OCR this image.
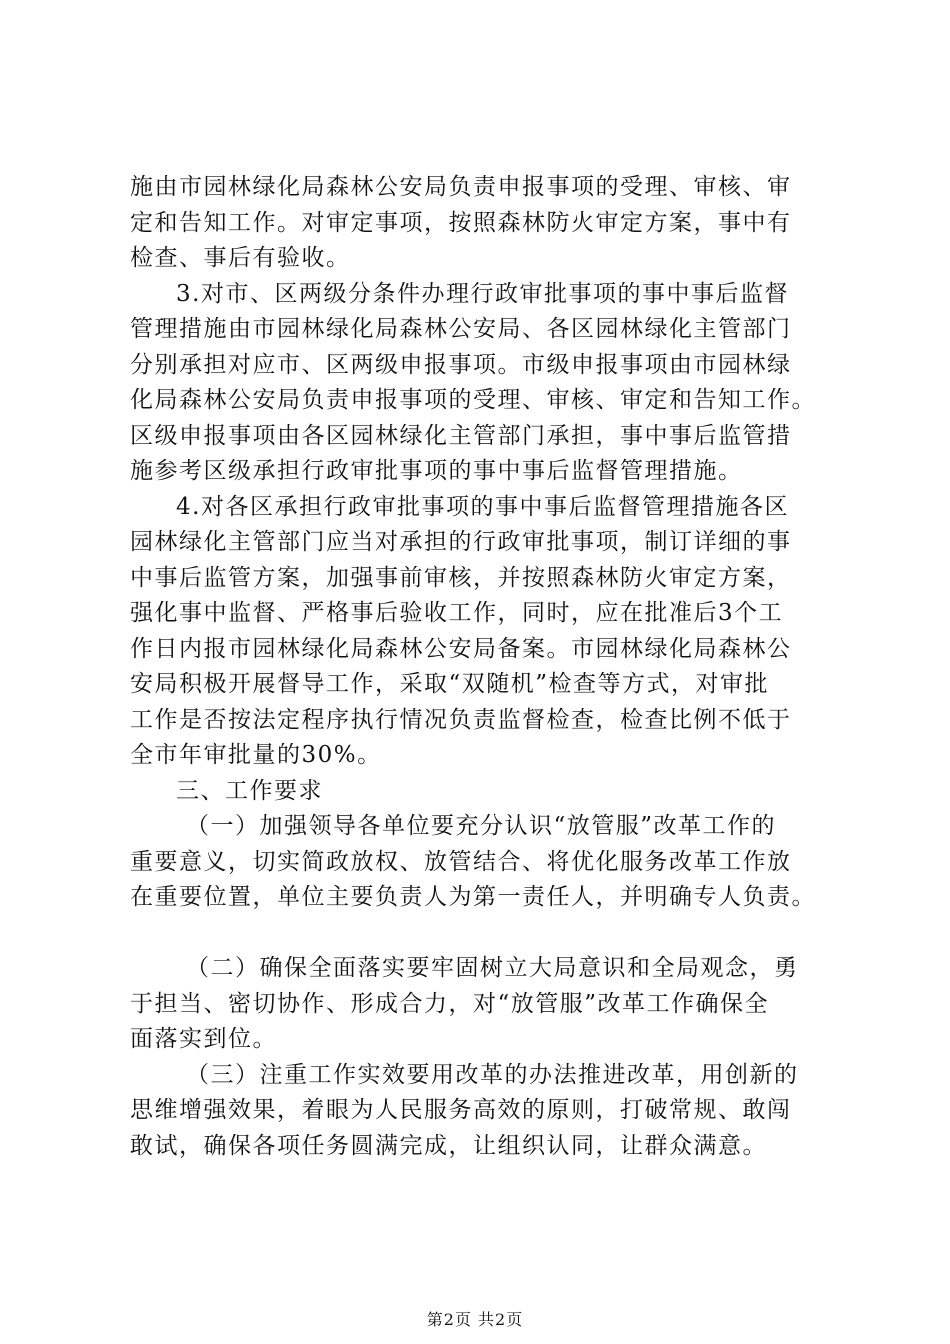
施由市园林绿化局森林公安局负责申报事项的受理、审核、审
定和告知工作。对审定事项，按照森林防火审定方案，事中有
检查、事后有验收。
3.对市、区两级分条件办理行政审批事项的事中事后监督
管理措施由市园林绿化局森林公安局、各区园林绿化主管部门
分别承担对应市、区两级申报事项。市级申报事项由市园林绿
化局森林公安局负责申报事项的受理、审核、审定和告知工作。
区级申报事项由各区园林绿化主管部门承担，事中事后监管措
施参考区级承担行政审批事项的事中事后监督管理措施。
4.对各区承担行政审批事项的事中事后监督管理措施各区
园林绿化主管部门应当对承担的行政审批事项，制订详细的事
中事后监管方案，加强事前审核，并按照森林防火审定方案，
强化事中监督、严格事后验收工作，同时，应在批准后3个工
作日内报市园林绿化局森林公安局备案。市园林绿化局森林公
安局积极开展督导工作，采取“双随机”检查等方式，对审批
工作是否按法定程序执行情况负责监督检查，检查比例不低于
全市年审批量的30%。
三、工作要求
（一）加强领导各单位要充分认识“放管服”改革工作的
重要意义，切实简政放权、放管结合、将优化服务改革工作放
在重要位置，单位主要负责人为第一责任人，并明确专人负责。
（二）确保全面落实要牢固树立大局意识和全局观念，勇
于担当、密切协作、形成合力，对“放管服”改革工作确保全
面落实到位。
（三）注重工作实效要用改革的办法推进改革，用创新的
思维增强效果，着眼为人民服务高效的原则，打破常规、敢闯
敢试，确保各项任务圆满完成，让组织认同，让群众满意。
第2页 共2页
